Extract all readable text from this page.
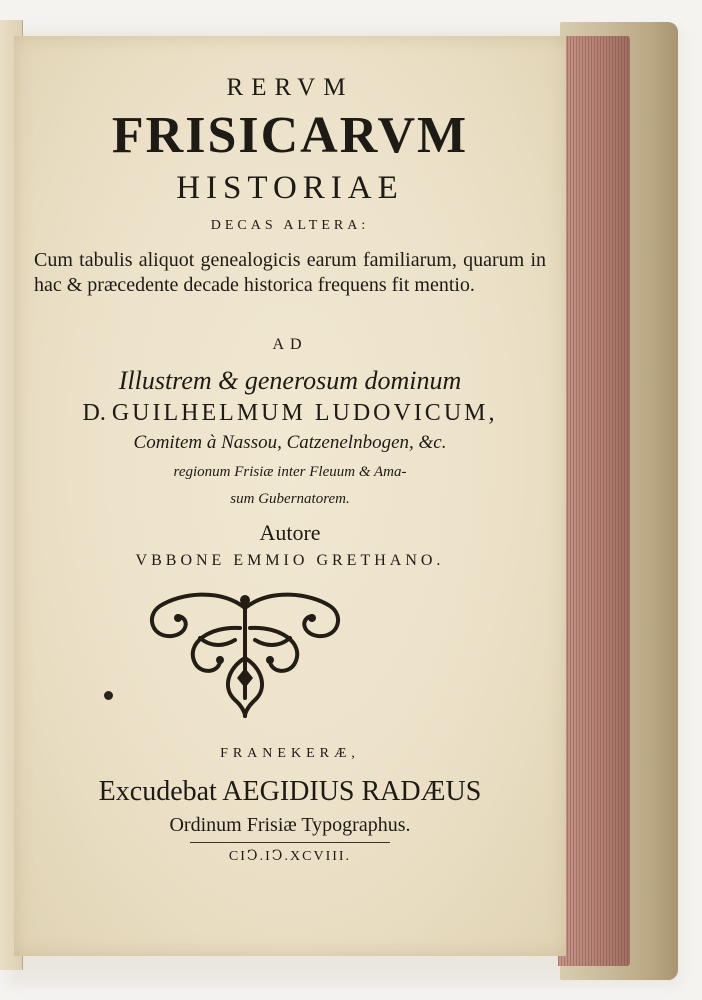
RERVM
FRISICARVM
HISTORIAE
DECAS ALTERA:
Cum tabulis aliquot genealogicis earum familiarum, quarum in hac & præcedente decade historica frequens fit mentio.
AD
Illustrem & generosum dominum
D. GUILHELMUM LUDOVICUM,
Comitem à Nassou, Catzenelnbogen, &c.
regionum Frisiæ inter Fleuum & Ama-
sum Gubernatorem.
Autore
VBBONE EMMIO GRETHANO.
FRANEKERÆ,
Excudebat AEGIDIUS RADÆUS
Ordinum Frisiæ Typographus.
CIↃ.IↃ.XCVIII.
